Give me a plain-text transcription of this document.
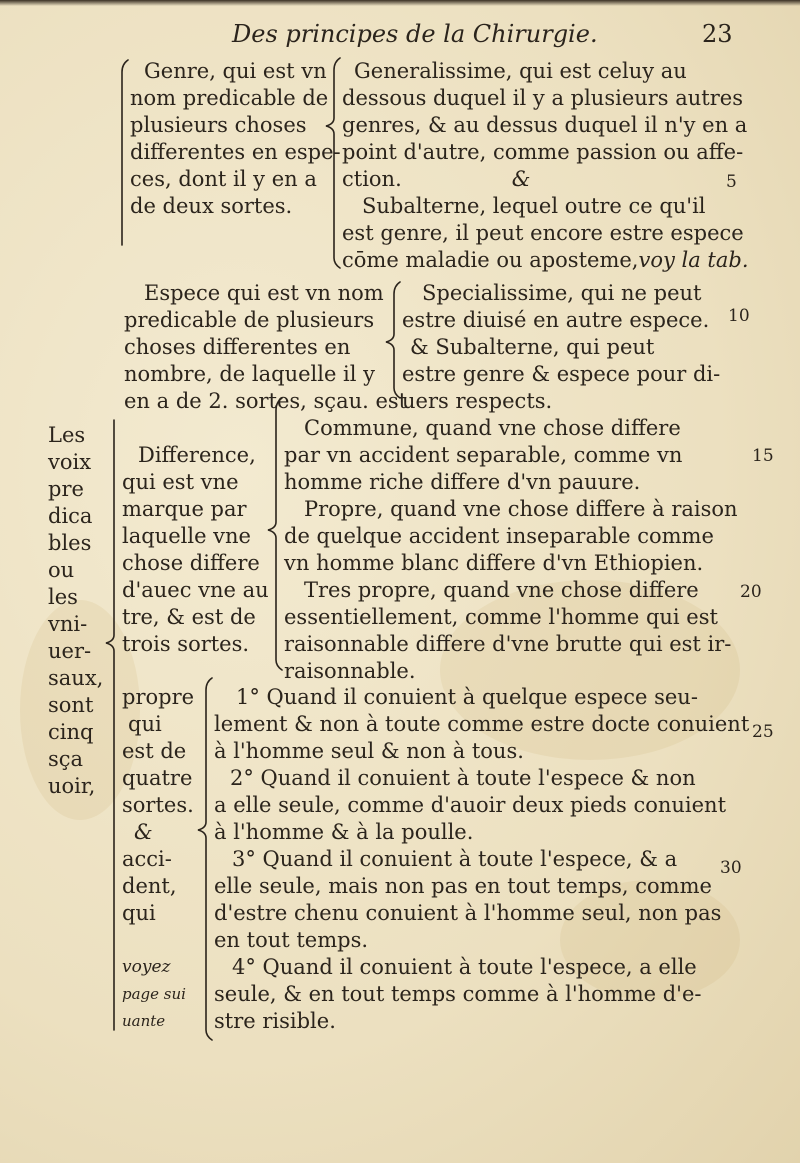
Des principes de la Chirurgie.	23
Les
voix
pre
dica
bles
ou
les
vni-
uer-
saux,
sont
cinq
sça
uoir,
Genre, qui est vn
nom predicable de
plusieurs choses
differentes en espe-
ces, dont il y en a
de deux sortes.
Generalissime, qui est celuy au
dessous duquel il y a plusieurs autres
genres, & au dessus duquel il n'y en a
point d'autre, comme passion ou affe-
ction.	&
Subalterne, lequel outre ce qu'il
est genre, il peut encore estre espece
cōme maladie ou aposteme,voy la tab.
Espece qui est vn nom
predicable de plusieurs
choses differentes en
nombre, de laquelle il y
en a de 2. sortes, sçau. est
Specialissime, qui ne peut
estre diuisé en autre espece.
& Subalterne, qui peut
estre genre & espece pour di-
uers respects.
Difference,
qui est vne
marque par
laquelle vne
chose differe
d'auec vne au
tre, & est de
trois sortes.
Commune, quand vne chose differe
par vn accident separable, comme vn
homme riche differe d'vn pauure.
Propre, quand vne chose differe à raison
de quelque accident inseparable comme
vn homme blanc differe d'vn Ethiopien.
Tres propre, quand vne chose differe
essentiellement, comme l'homme qui est
raisonnable differe d'vne brutte qui est ir-
raisonnable.
propre
qui
est de
quatre
sortes.
&
acci-
dent,
qui
voyez
page sui
uante
1° Quand il conuient à quelque espece seu-
lement & non à toute comme estre docte conuient
à l'homme seul & non à tous.
2° Quand il conuient à toute l'espece & non
a elle seule, comme d'auoir deux pieds conuient
à l'homme & à la poulle.
3° Quand il conuient à toute l'espece, & a
elle seule, mais non pas en tout temps, comme
d'estre chenu conuient à l'homme seul, non pas
en tout temps.
4° Quand il conuient à toute l'espece, a elle
seule, & en tout temps comme à l'homme d'e-
stre risible.
5
10
15
20
25
30
